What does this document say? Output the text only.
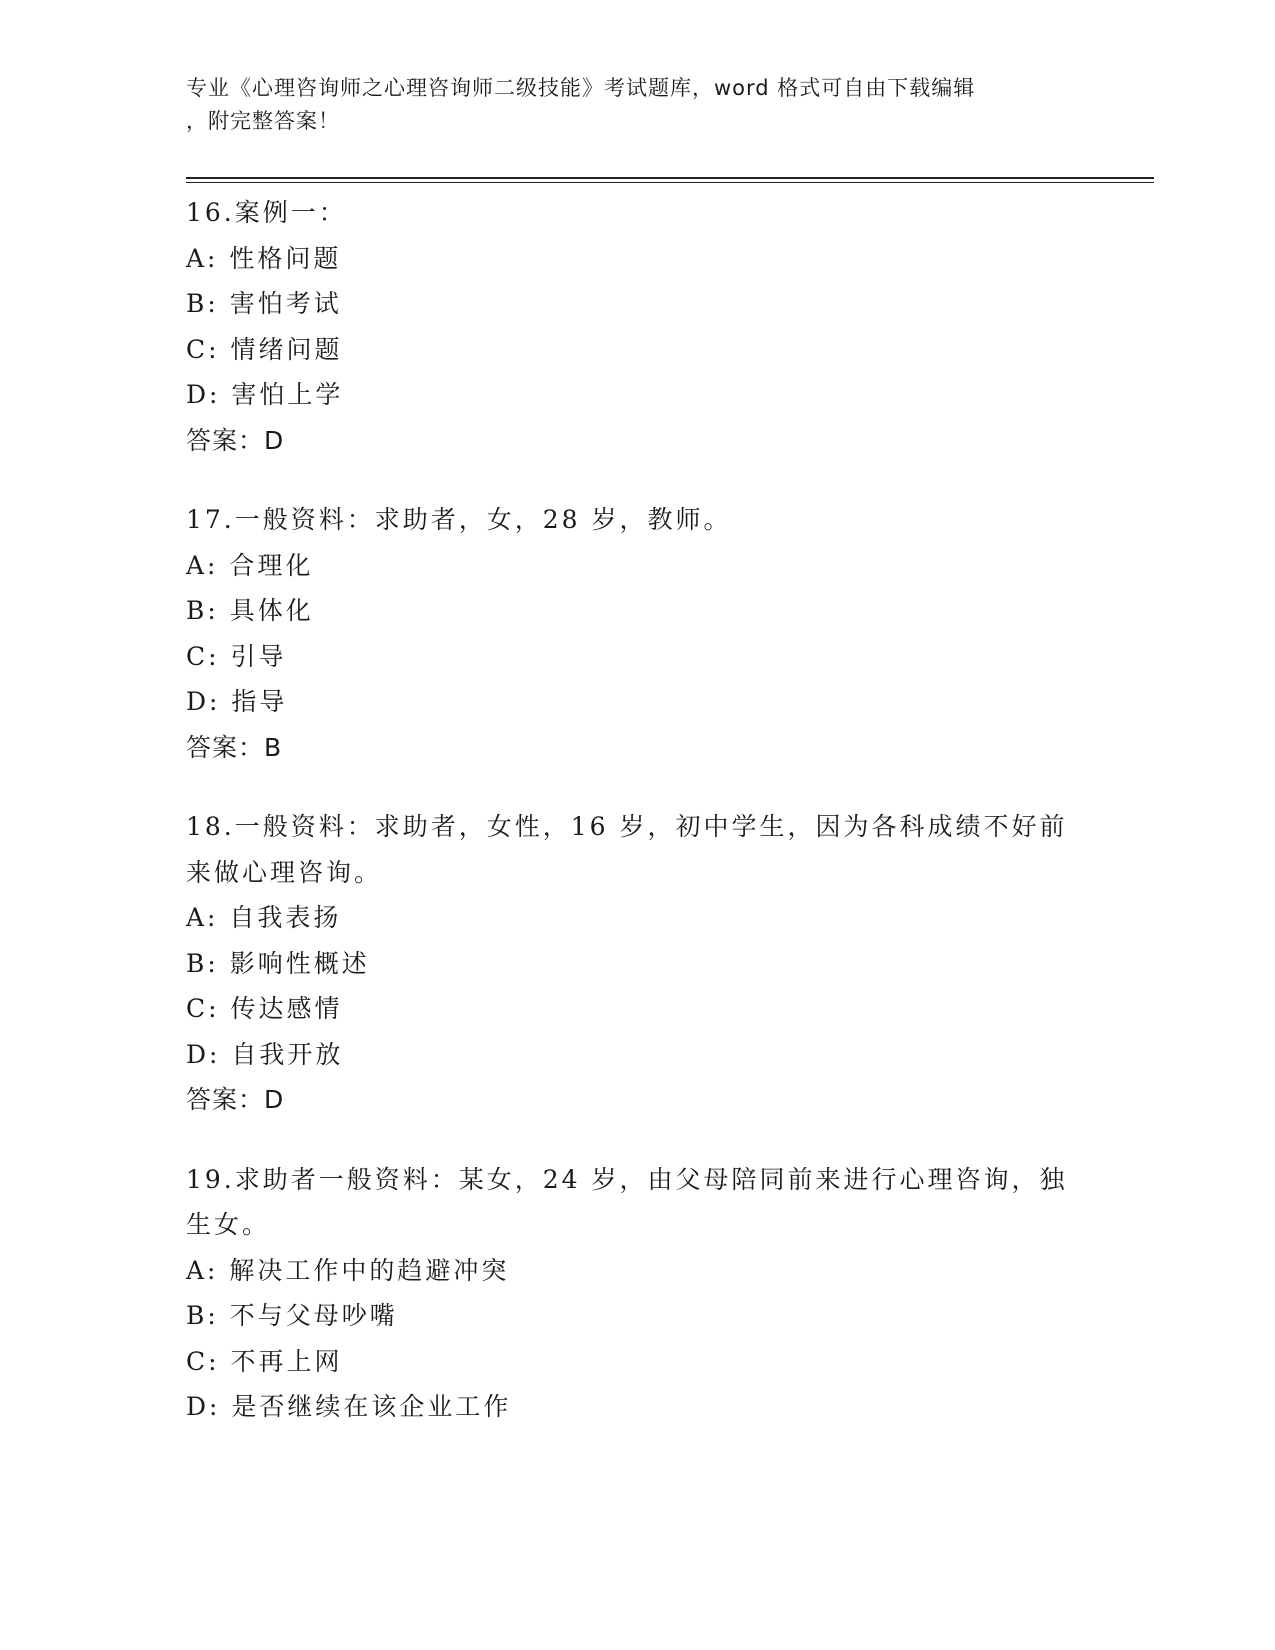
专业《心理咨询师之心理咨询师二级技能》考试题库，word 格式可自由下载编辑
，附完整答案！
16.案例一：
A: 性格问题
B: 害怕考试
C: 情绪问题
D: 害怕上学
答案：D
17.一般资料：求助者，女，28 岁，教师。
A: 合理化
B: 具体化
C: 引导
D: 指导
答案：B
18.一般资料：求助者，女性，16 岁，初中学生，因为各科成绩不好前来做心理咨询。
A: 自我表扬
B: 影响性概述
C: 传达感情
D: 自我开放
答案：D
19.求助者一般资料：某女，24 岁，由父母陪同前来进行心理咨询，独生女。
A: 解决工作中的趋避冲突
B: 不与父母吵嘴
C: 不再上网
D: 是否继续在该企业工作
